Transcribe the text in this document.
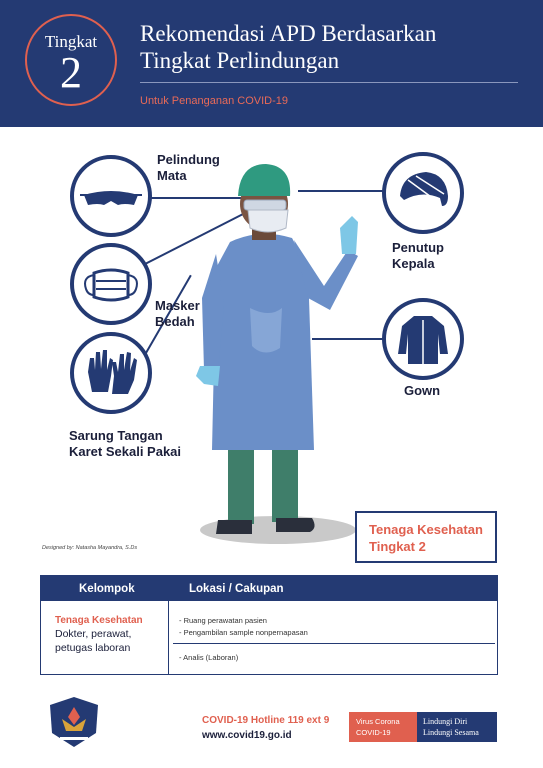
Tingkat
2
Rekomendasi APD Berdasarkan
Tingkat Perlindungan
Untuk Penanganan COVID-19
Pelindung
Mata
Masker
Bedah
Sarung Tangan
Karet Sekali Pakai
Penutup
Kepala
Gown
Designed by: Natasha Mayandra, S.Ds
Tenaga Kesehatan
Tingkat 2
Kelompok	Lokasi / Cakupan
Tenaga Kesehatan
Dokter, perawat, petugas laboran
- Ruang perawatan pasien
- Pengambilan sample nonpernapasan
- Analis (Laboran)
COVID-19 Hotline 119 ext 9
www.covid19.go.id
Virus Corona
COVID-19
Lindungi Diri
Lindungi Sesama
